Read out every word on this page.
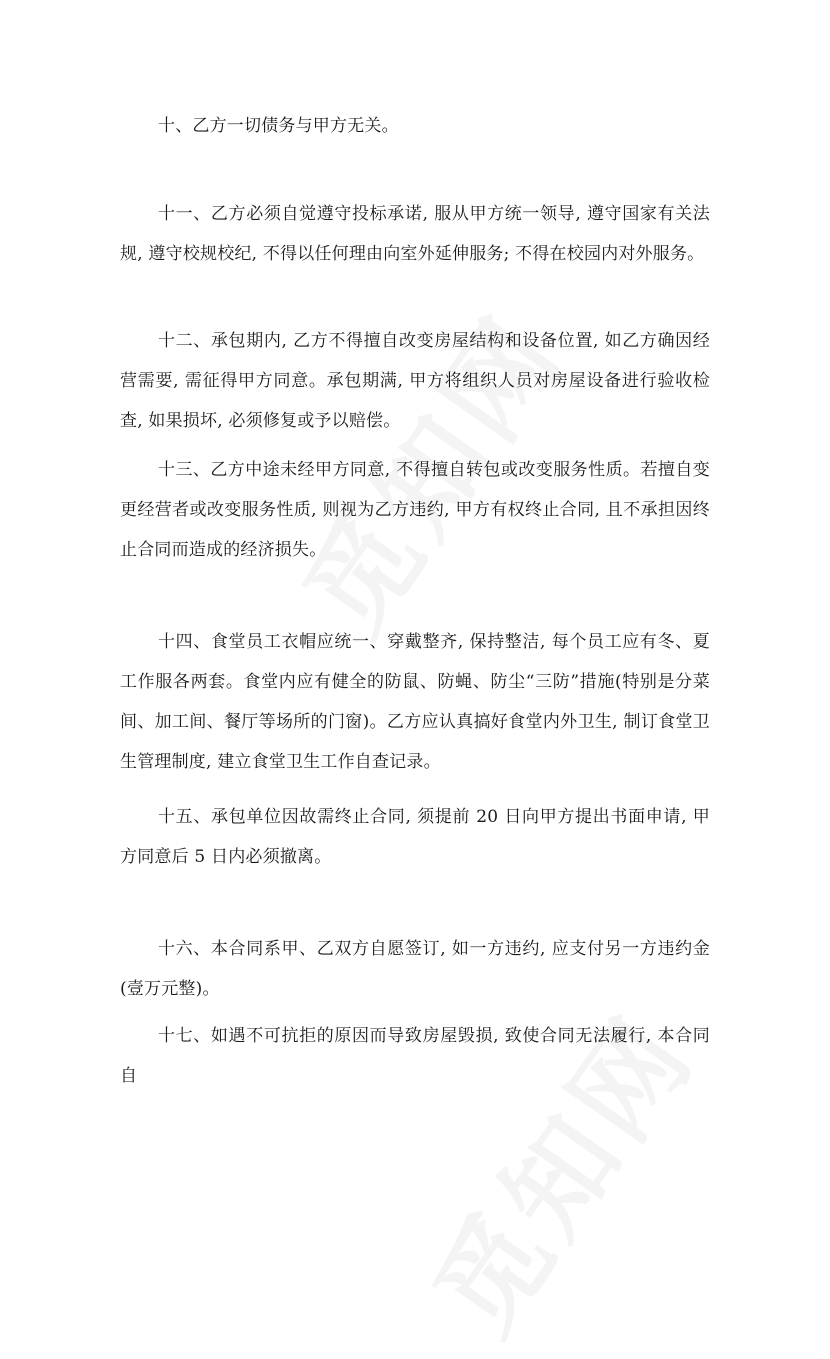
十、乙方一切债务与甲方无关。

十一、乙方必须自觉遵守投标承诺, 服从甲方统一领导, 遵守国家有关法规, 遵守校规校纪, 不得以任何理由向室外延伸服务; 不得在校园内对外服务。

十二、承包期内, 乙方不得擅自改变房屋结构和设备位置, 如乙方确因经营需要, 需征得甲方同意。承包期满, 甲方将组织人员对房屋设备进行验收检查, 如果损坏, 必须修复或予以赔偿。

十三、乙方中途未经甲方同意, 不得擅自转包或改变服务性质。若擅自变更经营者或改变服务性质, 则视为乙方违约, 甲方有权终止合同, 且不承担因终止合同而造成的经济损失。

十四、食堂员工衣帽应统一、穿戴整齐, 保持整洁, 每个员工应有冬、夏工作服各两套。食堂内应有健全的防鼠、防蝇、防尘“三防”措施(特别是分菜间、加工间、餐厅等场所的门窗)。乙方应认真搞好食堂内外卫生, 制订食堂卫生管理制度, 建立食堂卫生工作自查记录。

十五、承包单位因故需终止合同, 须提前 20 日向甲方提出书面申请, 甲方同意后 5 日内必须撤离。

十六、本合同系甲、乙双方自愿签订, 如一方违约, 应支付另一方违约金(壹万元整)。

十七、如遇不可抗拒的原因而导致房屋毁损, 致使合同无法履行, 本合同自
